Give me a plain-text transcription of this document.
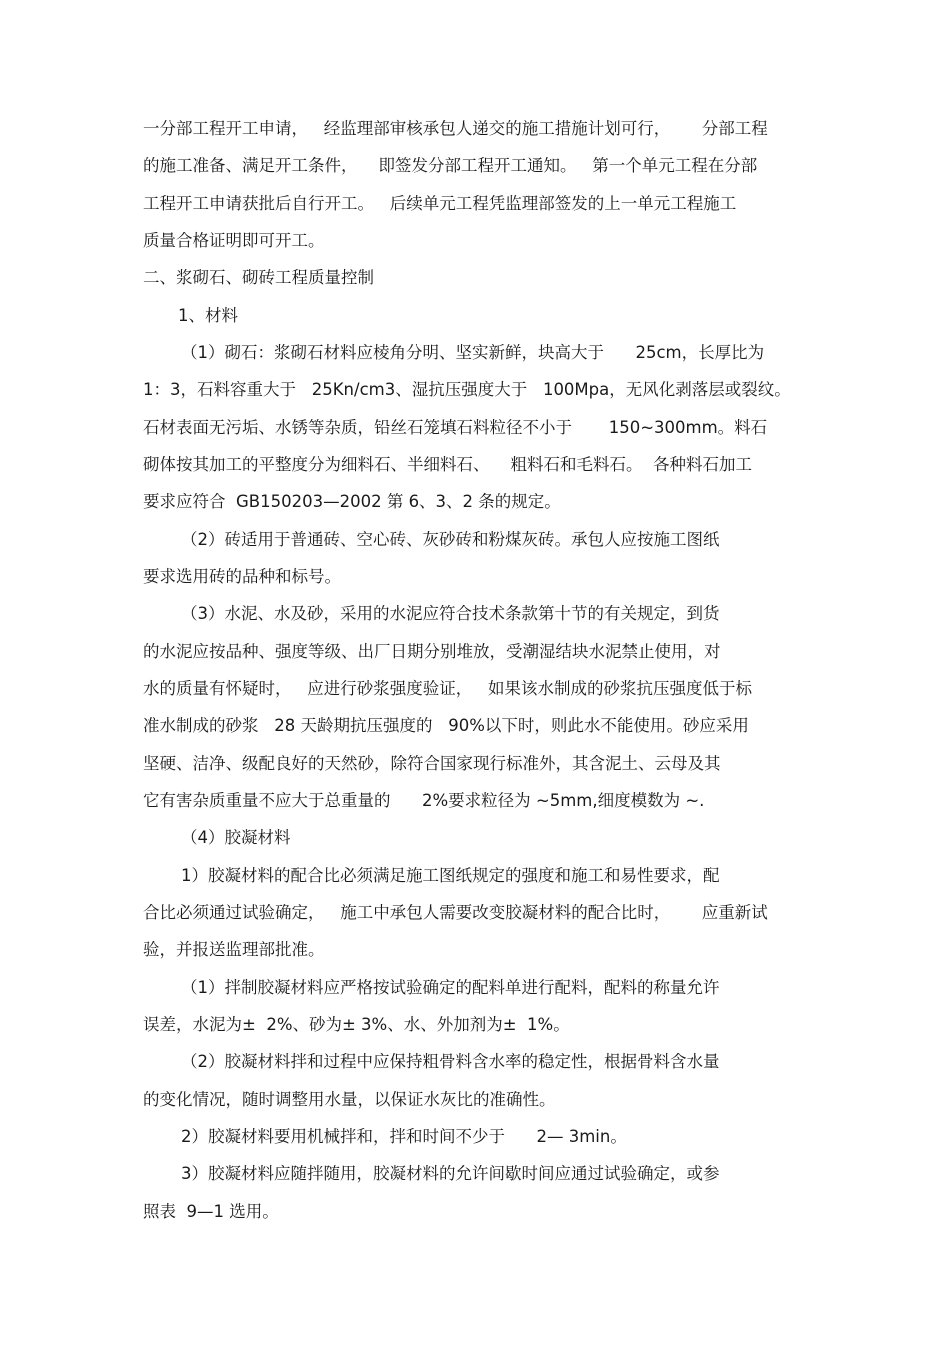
一分部工程开工申请，   经监理部审核承包人递交的施工措施计划可行，      分部工程
的施工准备、满足开工条件，    即签发分部工程开工通知。   第一个单元工程在分部
工程开工申请获批后自行开工。   后续单元工程凭监理部签发的上一单元工程施工
质量合格证明即可开工。
二、浆砌石、砌砖工程质量控制
1、材料
（1）砌石：浆砌石材料应棱角分明、坚实新鲜，块高大于      25cm，长厚比为
1：3，石料容重大于   25Kn/cm3、湿抗压强度大于   100Mpa，无风化剥落层或裂纹。
石材表面无污垢、水锈等杂质，铅丝石笼填石料粒径不小于       150~300mm。料石
砌体按其加工的平整度分为细料石、半细料石、    粗料石和毛料石。  各种料石加工
要求应符合  GB150203—2002 第 6、3、2 条的规定。
（2）砖适用于普通砖、空心砖、灰砂砖和粉煤灰砖。承包人应按施工图纸
要求选用砖的品种和标号。
（3）水泥、水及砂，采用的水泥应符合技术条款第十节的有关规定，到货
的水泥应按品种、强度等级、出厂日期分别堆放，受潮湿结块水泥禁止使用，对
水的质量有怀疑时，   应进行砂浆强度验证，   如果该水制成的砂浆抗压强度低于标
准水制成的砂浆   28 天龄期抗压强度的   90%以下时，则此水不能使用。砂应采用
坚硬、洁净、级配良好的天然砂，除符合国家现行标准外，其含泥土、云母及其
它有害杂质重量不应大于总重量的      2%要求粒径为 ~5mm,细度模数为 ~.
（4）胶凝材料
1）胶凝材料的配合比必须满足施工图纸规定的强度和施工和易性要求，配
合比必须通过试验确定，   施工中承包人需要改变胶凝材料的配合比时，      应重新试
验，并报送监理部批准。
（1）拌制胶凝材料应严格按试验确定的配料单进行配料，配料的称量允许
误差，水泥为±  2%、砂为± 3%、水、外加剂为±  1%。
（2）胶凝材料拌和过程中应保持粗骨料含水率的稳定性，根据骨料含水量
的变化情况，随时调整用水量，以保证水灰比的准确性。
2）胶凝材料要用机械拌和，拌和时间不少于      2— 3min。
3）胶凝材料应随拌随用，胶凝材料的允许间歇时间应通过试验确定，或参
照表  9—1 选用。
